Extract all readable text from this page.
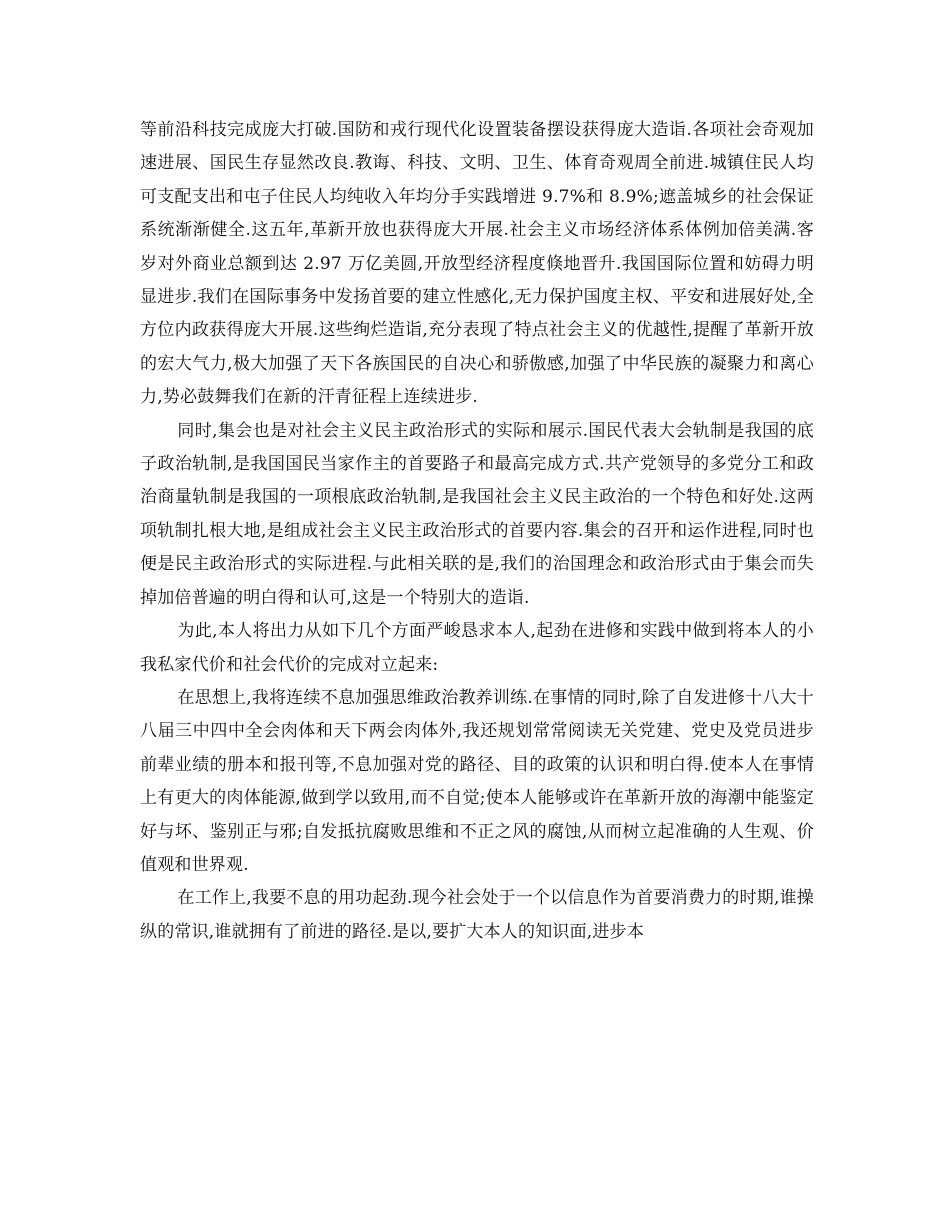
等前沿科技完成庞大打破.国防和戎行现代化设置装备摆设获得庞大造诣.各项社会奇观加速进展、国民生存显然改良.教诲、科技、文明、卫生、体育奇观周全前进.城镇住民人均可支配支出和屯子住民人均纯收入年均分手实践增进 9.7%和 8.9%;遮盖城乡的社会保证系统渐渐健全.这五年,革新开放也获得庞大开展.社会主义市场经济体系体例加倍美满.客岁对外商业总额到达 2.97 万亿美圆,开放型经济程度倏地晋升.我国国际位置和妨碍力明显进步.我们在国际事务中发扬首要的建立性感化,无力保护国度主权、平安和进展好处,全方位内政获得庞大开展.这些绚烂造诣,充分表现了特点社会主义的优越性,提醒了革新开放的宏大气力,极大加强了天下各族国民的自决心和骄傲感,加强了中华民族的凝聚力和离心力,势必鼓舞我们在新的汗青征程上连续进步.

同时,集会也是对社会主义民主政治形式的实际和展示.国民代表大会轨制是我国的底子政治轨制,是我国国民当家作主的首要路子和最高完成方式.共产党领导的多党分工和政治商量轨制是我国的一项根底政治轨制,是我国社会主义民主政治的一个特色和好处.这两项轨制扎根大地,是组成社会主义民主政治形式的首要内容.集会的召开和运作进程,同时也便是民主政治形式的实际进程.与此相关联的是,我们的治国理念和政治形式由于集会而失掉加倍普遍的明白得和认可,这是一个特别大的造诣.

为此,本人将出力从如下几个方面严峻恳求本人,起劲在进修和实践中做到将本人的小我私家代价和社会代价的完成对立起来:

在思想上,我将连续不息加强思维政治教养训练.在事情的同时,除了自发进修十八大十八届三中四中全会肉体和天下两会肉体外,我还规划常常阅读无关党建、党史及党员进步前辈业绩的册本和报刊等,不息加强对党的路径、目的政策的认识和明白得.使本人在事情上有更大的肉体能源,做到学以致用,而不自觉;使本人能够或许在革新开放的海潮中能鉴定好与坏、鉴别正与邪;自发抵抗腐败思维和不正之风的腐蚀,从而树立起准确的人生观、价值观和世界观.

在工作上,我要不息的用功起劲.现今社会处于一个以信息作为首要消费力的时期,谁操纵的常识,谁就拥有了前进的路径.是以,要扩大本人的知识面,进步本
